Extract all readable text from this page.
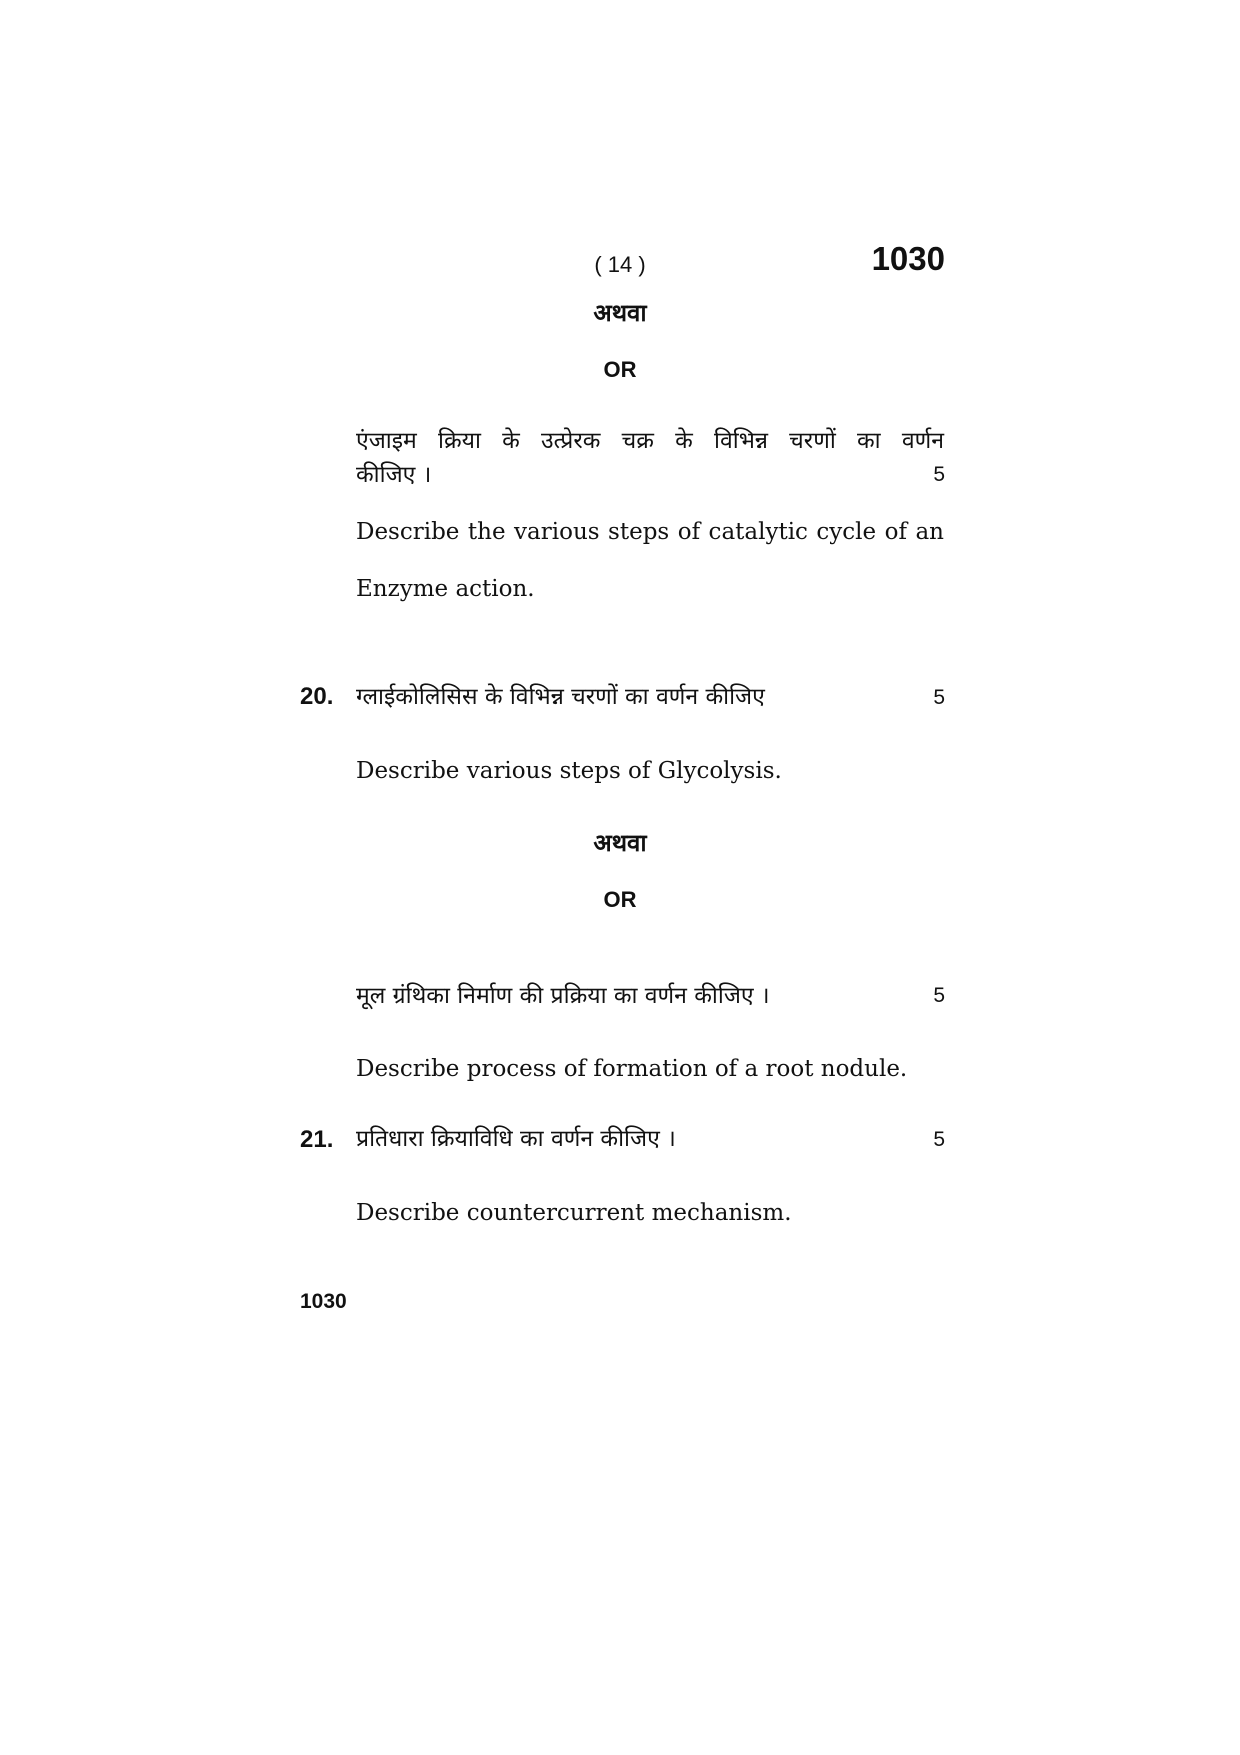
( 14 )	1030
अथवा
OR
एंजाइम क्रिया के उत्प्रेरक चक्र के विभिन्न चरणों का वर्णन
कीजिए ।	5
Describe the various steps of catalytic cycle of an
Enzyme action.
20. ग्लाईकोलिसिस के विभिन्न चरणों का वर्णन कीजिए	5
Describe various steps of Glycolysis.
अथवा
OR
मूल ग्रंथिका निर्माण की प्रक्रिया का वर्णन कीजिए ।	5
Describe process of formation of a root nodule.
21. प्रतिधारा क्रियाविधि का वर्णन कीजिए ।	5
Describe countercurrent mechanism.
1030
